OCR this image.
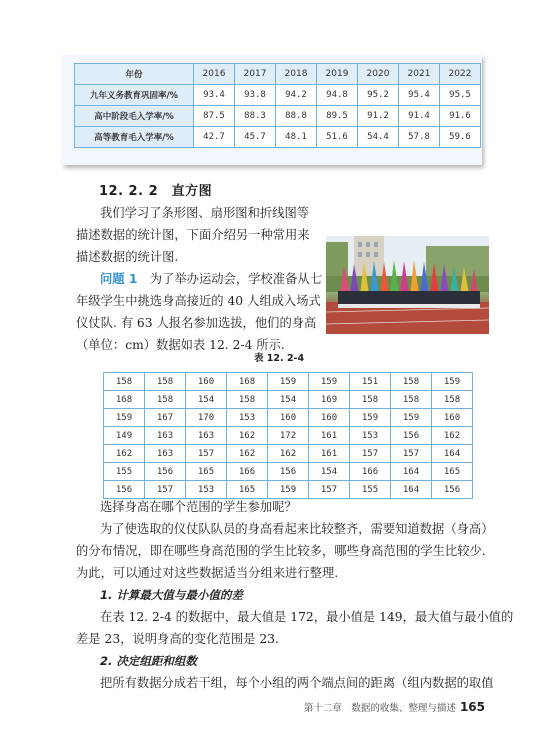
年份	2016	2017	2018	2019	2020	2021	2022
九年义务教育巩固率/%	93.4	93.8	94.2	94.8	95.2	95.4	95.5
高中阶段毛入学率/%	87.5	88.3	88.8	89.5	91.2	91.4	91.6
高等教育毛入学率/%	42.7	45.7	48.1	51.6	54.4	57.8	59.6
12. 2. 2　 直方图
我们学习了条形图、扇形图和折线图等
描述数据的统计图，下面介绍另一种常用来
描述数据的统计图.
问题 1　 为了举办运动会，学校准备从七
年级学生中挑选身高接近的 40 人组成入场式
仪仗队. 有 63 人报名参加选拔，他们的身高
（单位：cm）数据如表 12. 2-4 所示.
表 12. 2-4
158	158	160	168	159	159	151	158	159
168	158	154	158	154	169	158	158	158
159	167	170	153	160	160	159	159	160
149	163	163	162	172	161	153	156	162
162	163	157	162	162	161	157	157	164
155	156	165	166	156	154	166	164	165
156	157	153	165	159	157	155	164	156
选择身高在哪个范围的学生参加呢？
为了使选取的仪仗队队员的身高看起来比较整齐，需要知道数据（身高）
的分布情况，即在哪些身高范围的学生比较多，哪些身高范围的学生比较少.
为此，可以通过对这些数据适当分组来进行整理.
1. 计算最大值与最小值的差
在表 12. 2-4 的数据中，最大值是 172，最小值是 149，最大值与最小值的
差是 23，说明身高的变化范围是 23.
2. 决定组距和组数
把所有数据分成若干组，每个小组的两个端点间的距离（组内数据的取值
第十二章　数据的收集、整理与描述 165
